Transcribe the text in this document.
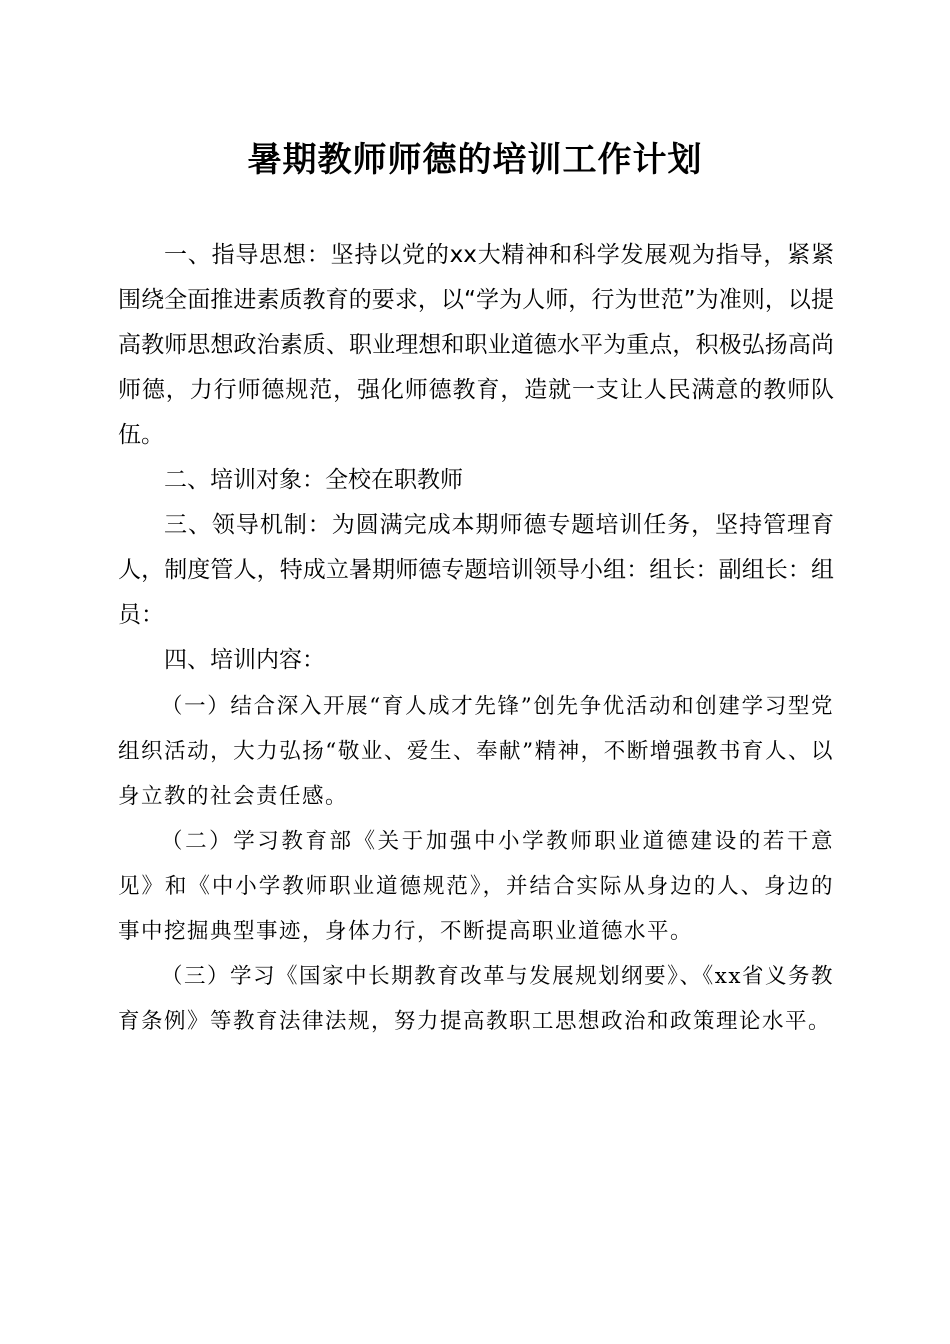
暑期教师师德的培训工作计划

一、指导思想：坚持以党的xx大精神和科学发展观为指导，紧紧围绕全面推进素质教育的要求，以“学为人师，行为世范”为准则，以提高教师思想政治素质、职业理想和职业道德水平为重点，积极弘扬高尚师德，力行师德规范，强化师德教育，造就一支让人民满意的教师队伍。

二、培训对象：全校在职教师

三、领导机制：为圆满完成本期师德专题培训任务，坚持管理育人，制度管人，特成立暑期师德专题培训领导小组：组长：副组长：组员：

四、培训内容：

（一）结合深入开展“育人成才先锋”创先争优活动和创建学习型党组织活动，大力弘扬“敬业、爱生、奉献”精神，不断增强教书育人、以身立教的社会责任感。

（二）学习教育部《关于加强中小学教师职业道德建设的若干意见》和《中小学教师职业道德规范》，并结合实际从身边的人、身边的事中挖掘典型事迹，身体力行，不断提高职业道德水平。

（三）学习《国家中长期教育改革与发展规划纲要》、《xx省义务教育条例》等教育法律法规，努力提高教职工思想政治和政策理论水平。
